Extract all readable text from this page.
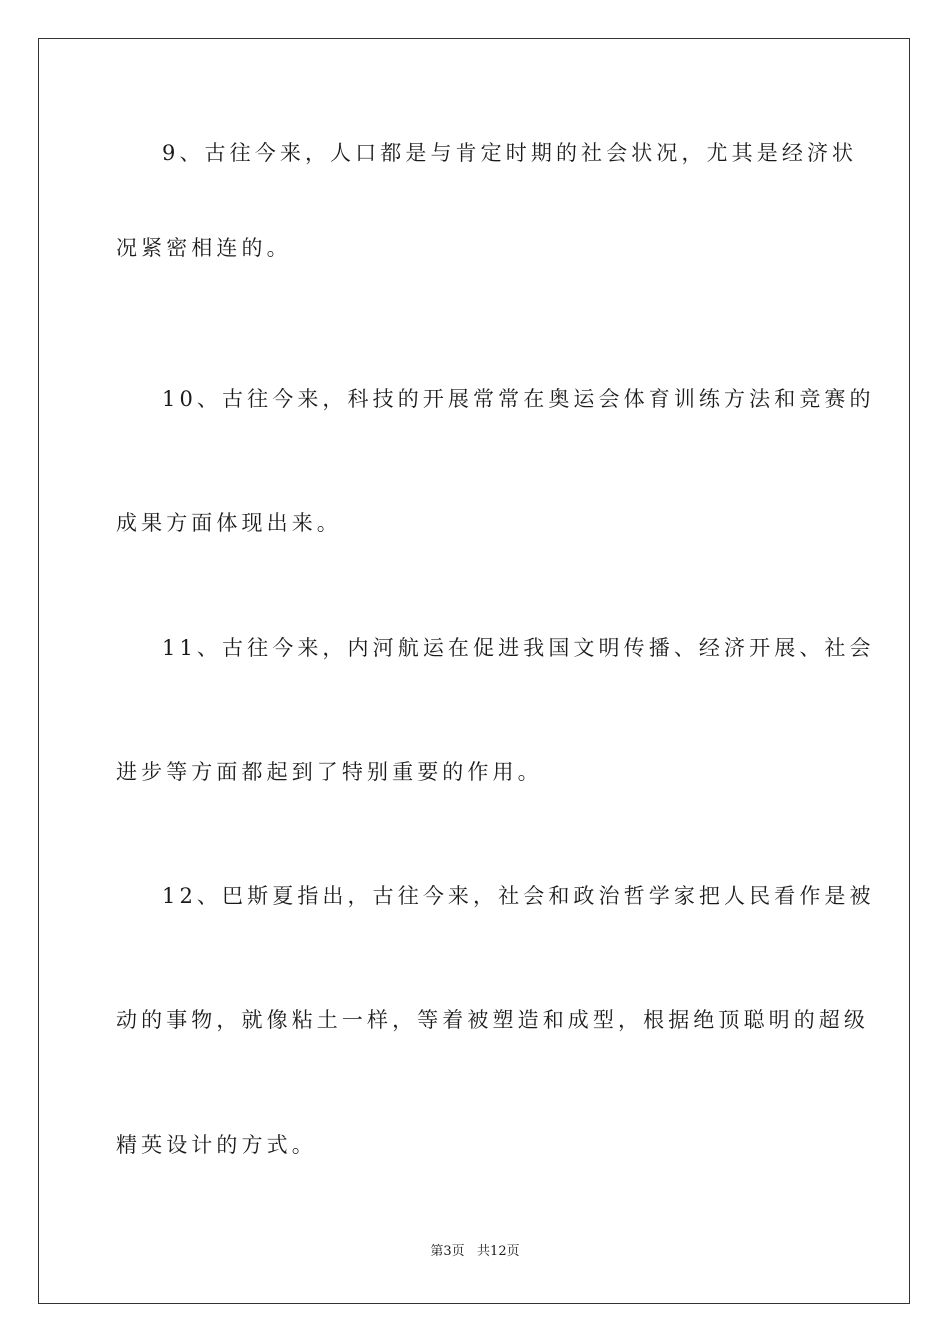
9、古往今来，人口都是与肯定时期的社会状况，尤其是经济状
况紧密相连的。
10、古往今来，科技的开展常常在奥运会体育训练方法和竞赛的
成果方面体现出来。
11、古往今来，内河航运在促进我国文明传播、经济开展、社会
进步等方面都起到了特别重要的作用。
12、巴斯夏指出，古往今来，社会和政治哲学家把人民看作是被
动的事物，就像粘土一样，等着被塑造和成型，根据绝顶聪明的超级
精英设计的方式。
第3页   共12页
